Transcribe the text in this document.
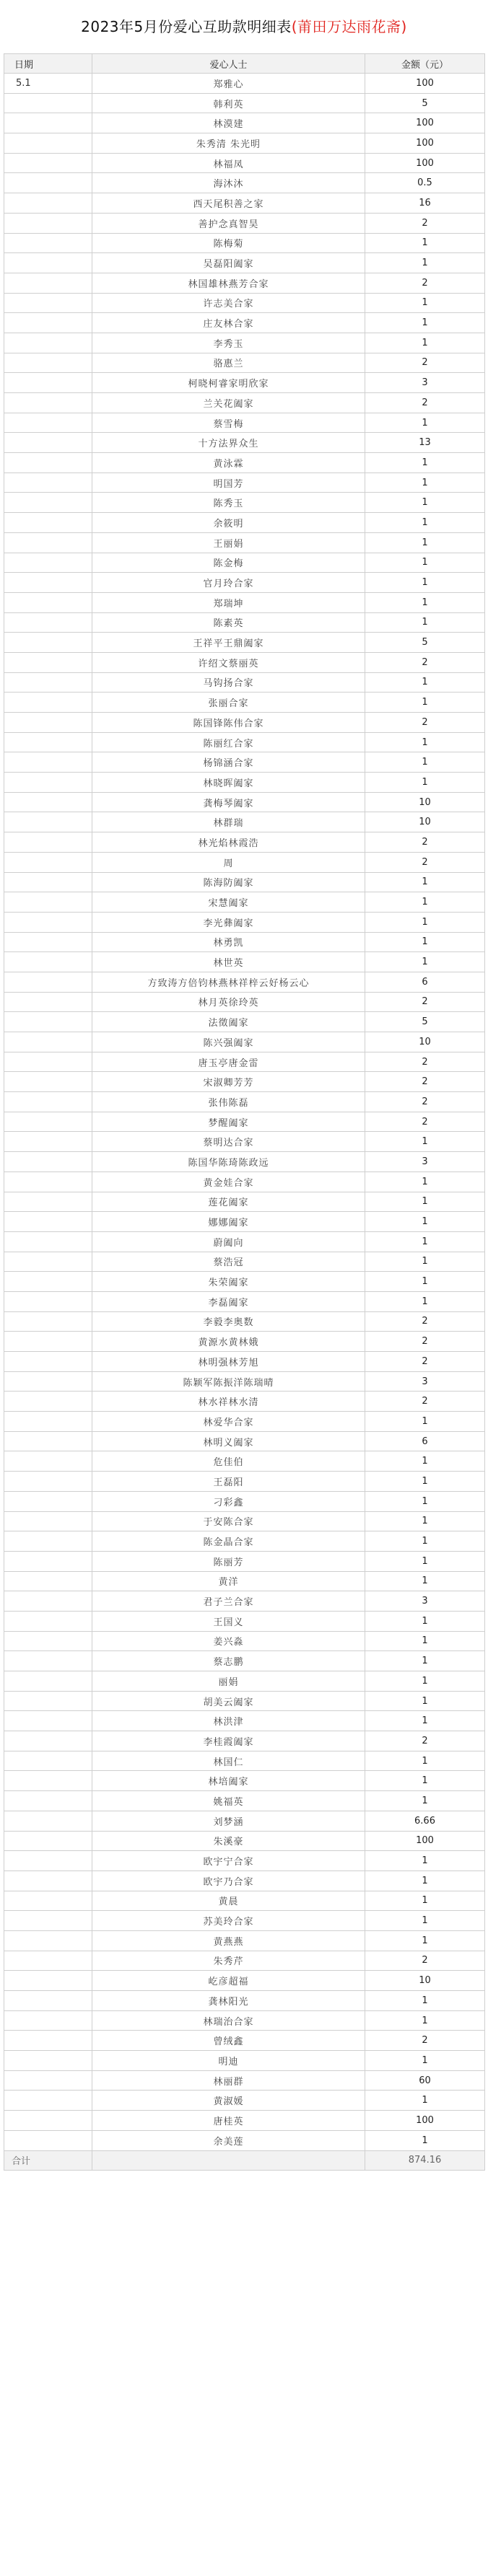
2023年5月份爱心互助款明细表(莆田万达雨花斋)
日期	爱心人士	金额（元）
5.1	郑雅心	100
	韩利英	5
	林漠建	100
	朱秀清 朱光明	100
	林福凤	100
	海沐沐	0.5
	西天尾积善之家	16
	善护念真智昊	2
	陈梅菊	1
	吴磊阳阖家	1
	林国雄林燕芳合家	2
	许志美合家	1
	庄友林合家	1
	李秀玉	1
	骆惠兰	2
	柯晓柯睿家明欣家	3
	兰关花阖家	2
	蔡雪梅	1
	十方法界众生	13
	黄泳霖	1
	明国芳	1
	陈秀玉	1
	余筱明	1
	王丽娟	1
	陈金梅	1
	官月玲合家	1
	郑瑞坤	1
	陈素英	1
	王祥平王鼎阖家	5
	许绍文蔡丽英	2
	马钩扬合家	1
	张丽合家	1
	陈国锋陈伟合家	2
	陈丽红合家	1
	杨锦涵合家	1
	林晓晖阖家	1
	龚梅琴阖家	10
	林群瑞	10
	林光焰林霞浩	2
	周	2
	陈海防阖家	1
	宋慧阖家	1
	李光彝阖家	1
	林勇凯	1
	林世英	1
	方致涛方倍钧林燕林祥梓云好杨云心	6
	林月英徐玲英	2
	法徵阖家	5
	陈兴强阖家	10
	唐玉亭唐金雷	2
	宋淑卿芳芳	2
	张伟陈磊	2
	梦醒阖家	2
	蔡明达合家	1
	陈国华陈琦陈政远	3
	黄金娃合家	1
	莲花阖家	1
	娜娜阖家	1
	蔚阖向	1
	蔡浩冠	1
	朱荣阖家	1
	李磊阖家	1
	李毅李奥数	2
	黄源水黄林娥	2
	林明强林芳旭	2
	陈颖军陈振洋陈瑞晴	3
	林水祥林水清	2
	林爱华合家	1
	林明义阖家	6
	危佳伯	1
	王磊阳	1
	刁彩鑫	1
	于安陈合家	1
	陈金晶合家	1
	陈丽芳	1
	黄洋	1
	君子兰合家	3
	王国义	1
	姜兴淼	1
	蔡志鹏	1
	丽娟	1
	胡美云阖家	1
	林洪津	1
	李桂霞阖家	2
	林国仁	1
	林培阖家	1
	姚福英	1
	刘梦涵	6.66
	朱溪豪	100
	欧宇宁合家	1
	欧宇乃合家	1
	黄晨	1
	苏美玲合家	1
	黄燕燕	1
	朱秀芹	2
	屹彦超福	10
	龚林阳光	1
	林瑞治合家	1
	曾绒鑫	2
	明迪	1
	林丽群	60
	黄淑媛	1
	唐桂英	100
	余美莲	1
合计		874.16
